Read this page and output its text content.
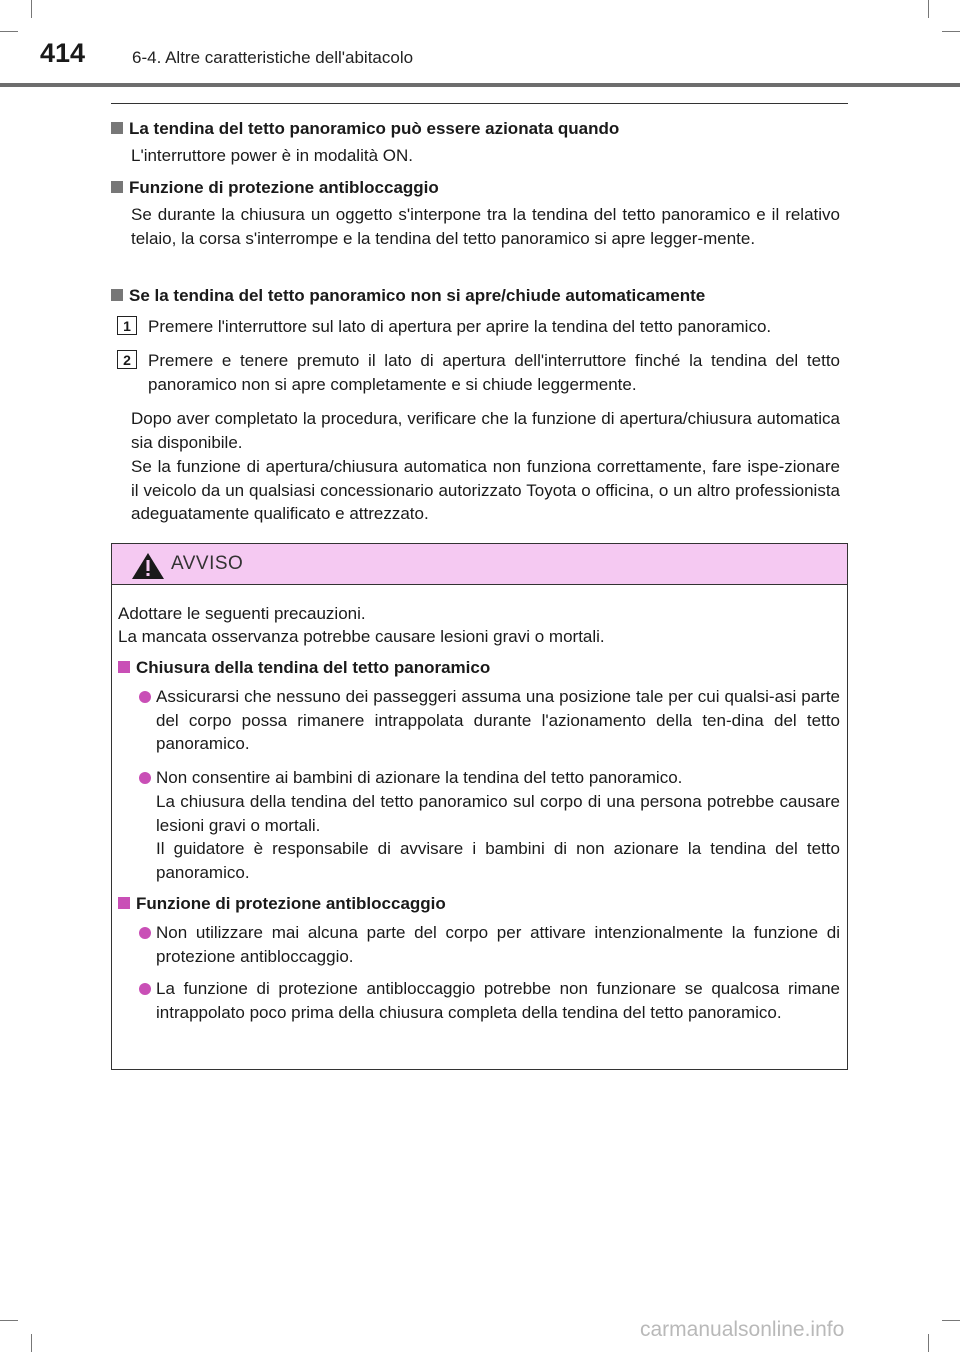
414	6-4. Altre caratteristiche dell'abitacolo
La tendina del tetto panoramico può essere azionata quando
L'interruttore power è in modalità ON.
Funzione di protezione antibloccaggio
Se durante la chiusura un oggetto s'interpone tra la tendina del tetto panoramico e il relativo telaio, la corsa s'interrompe e la tendina del tetto panoramico si apre legger-mente.
Se la tendina del tetto panoramico non si apre/chiude automaticamente
1	Premere l'interruttore sul lato di apertura per aprire la tendina del tetto panoramico.
2	Premere e tenere premuto il lato di apertura dell'interruttore finché la tendina del tetto panoramico non si apre completamente e si chiude leggermente.
Dopo aver completato la procedura, verificare che la funzione di apertura/chiusura automatica sia disponibile.
Se la funzione di apertura/chiusura automatica non funziona correttamente, fare ispe-zionare il veicolo da un qualsiasi concessionario autorizzato Toyota o officina, o un altro professionista adeguatamente qualificato e attrezzato.
AVVISO
Adottare le seguenti precauzioni.
La mancata osservanza potrebbe causare lesioni gravi o mortali.
Chiusura della tendina del tetto panoramico
Assicurarsi che nessuno dei passeggeri assuma una posizione tale per cui qualsi-asi parte del corpo possa rimanere intrappolata durante l'azionamento della ten-dina del tetto panoramico.
Non consentire ai bambini di azionare la tendina del tetto panoramico.
La chiusura della tendina del tetto panoramico sul corpo di una persona potrebbe causare lesioni gravi o mortali.
Il guidatore è responsabile di avvisare i bambini di non azionare la tendina del tetto panoramico.
Funzione di protezione antibloccaggio
Non utilizzare mai alcuna parte del corpo per attivare intenzionalmente la funzione di protezione antibloccaggio.
La funzione di protezione antibloccaggio potrebbe non funzionare se qualcosa rimane intrappolato poco prima della chiusura completa della tendina del tetto panoramico.
carmanualsonline.info
